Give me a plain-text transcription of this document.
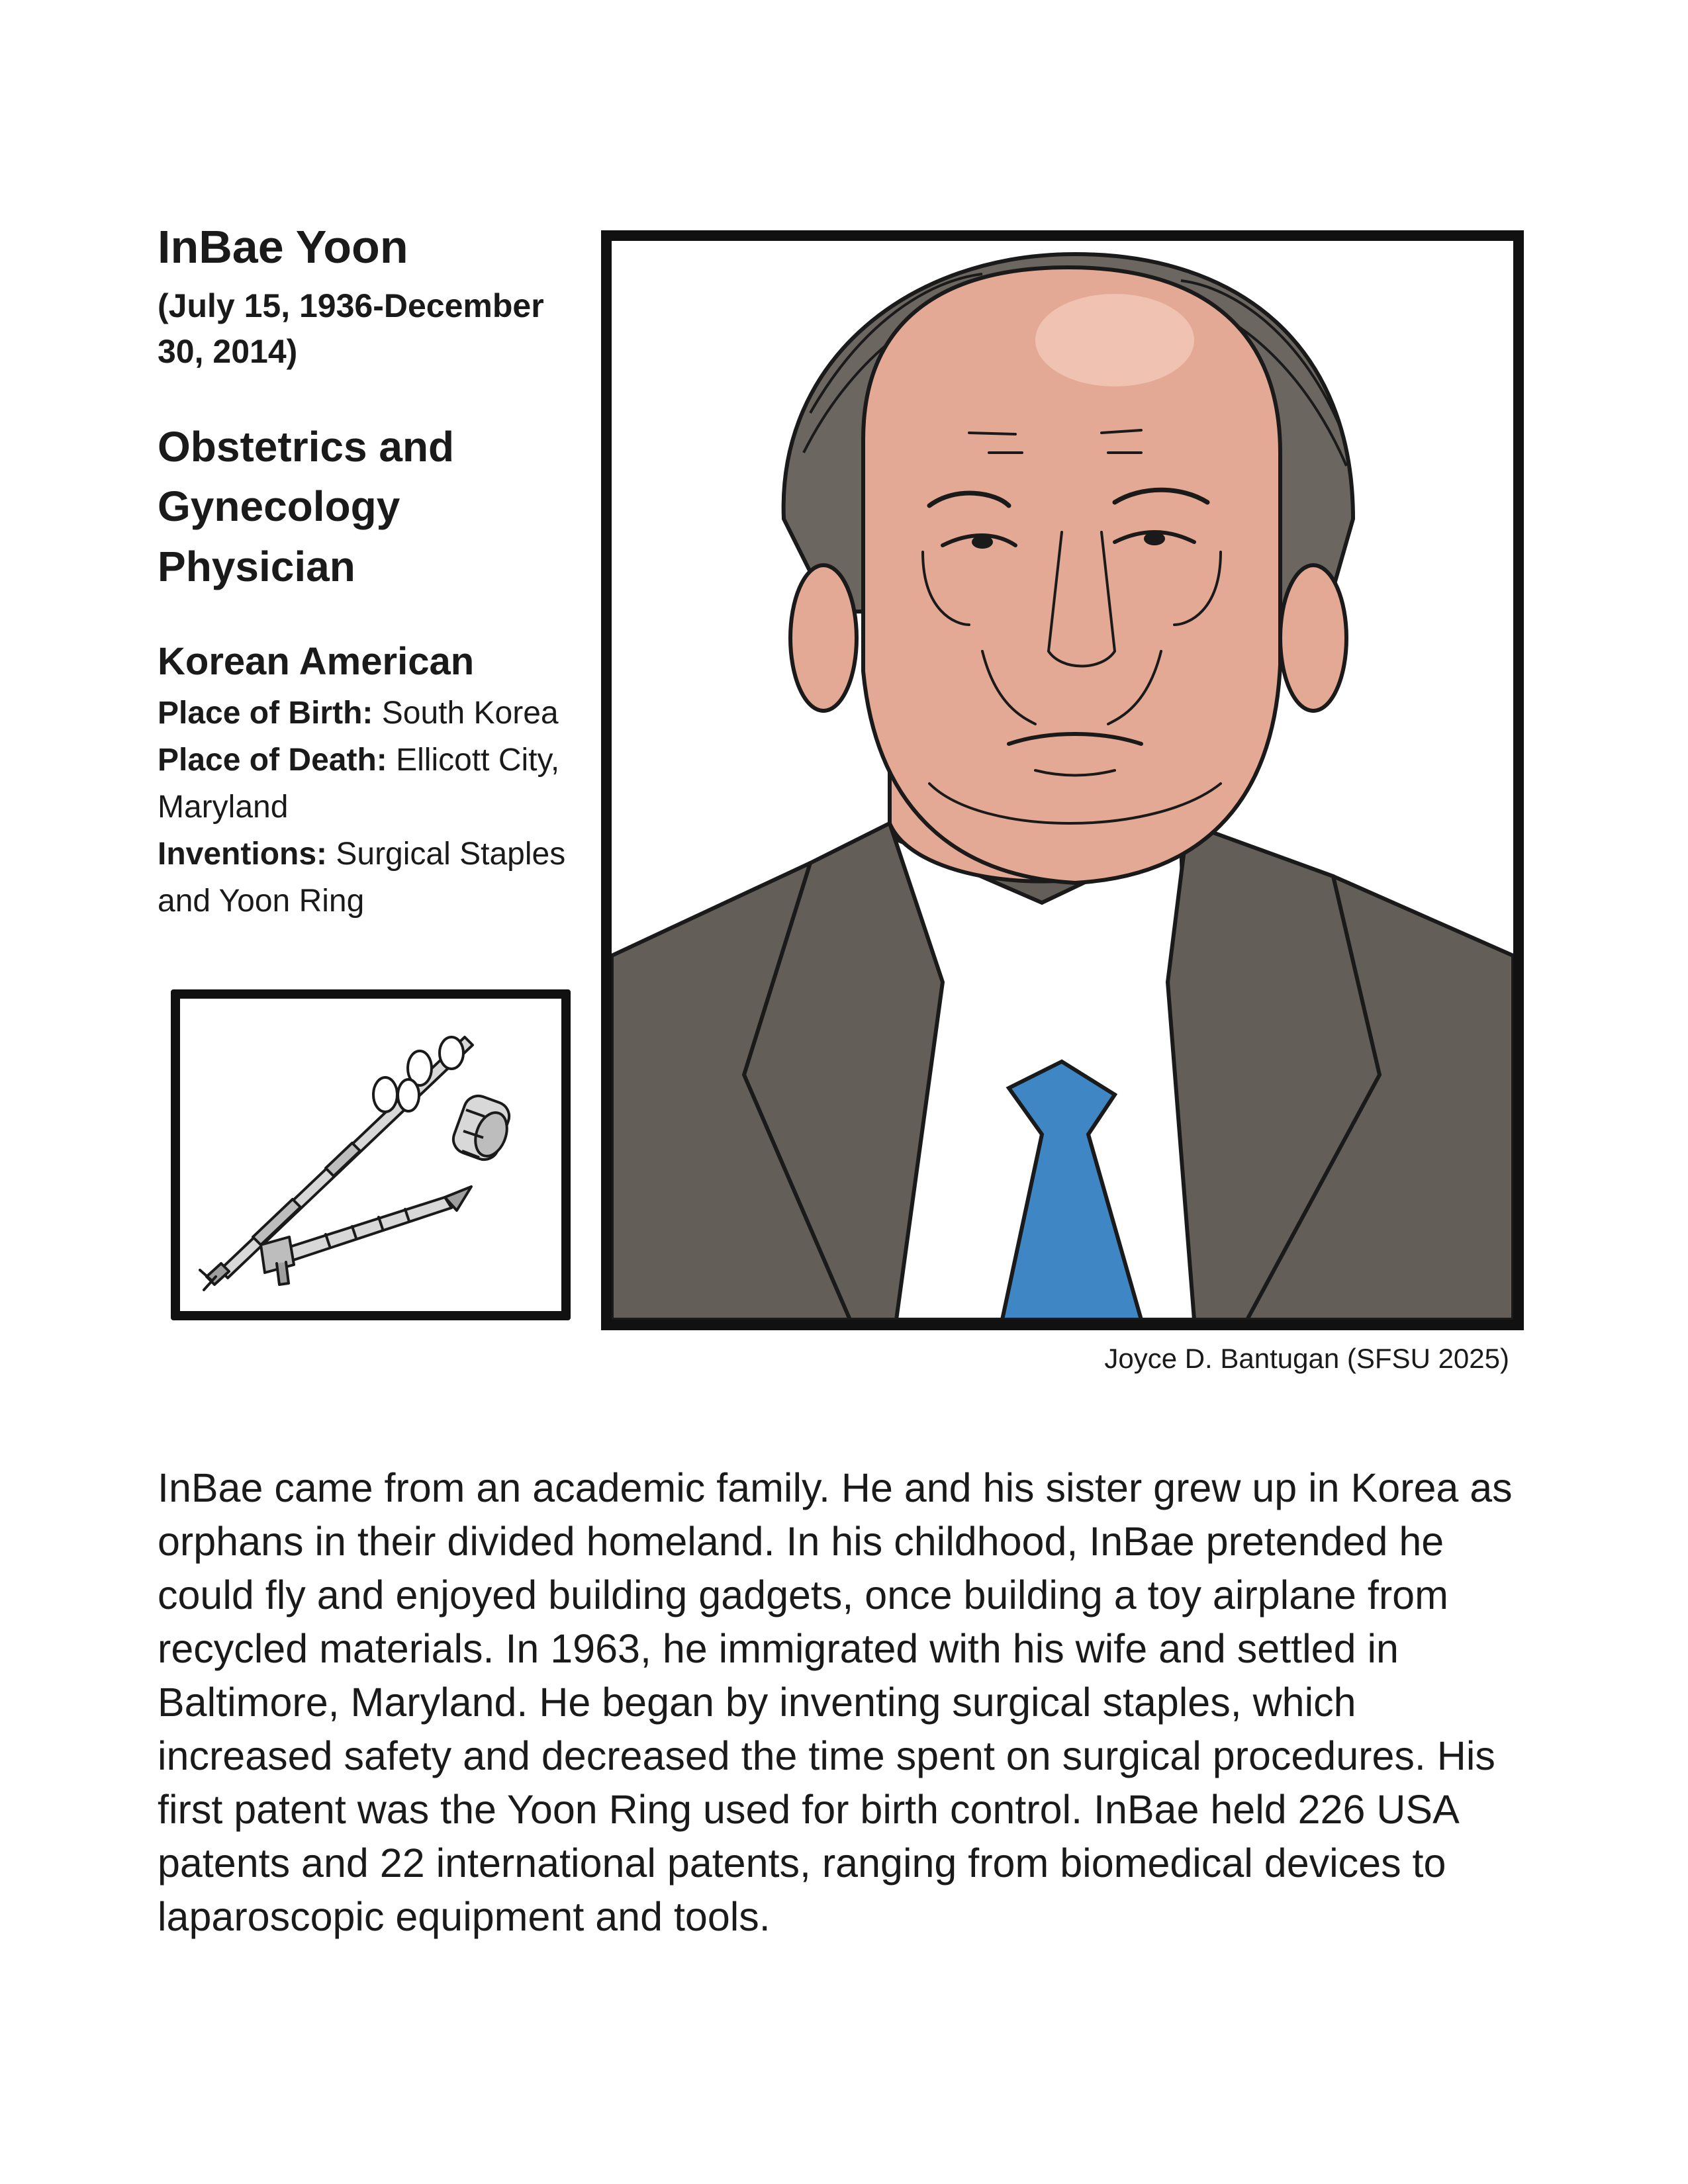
InBae Yoon

(July 15, 1936-December 30, 2014)

Obstetrics and Gynecology Physician

Korean American

Place of Birth: South Korea
Place of Death: Ellicott City, Maryland
Inventions: Surgical Staples and Yoon Ring
Joyce D. Bantugan (SFSU 2025)

InBae came from an academic family. He and his sister grew up in Korea as orphans in their divided homeland. In his childhood, InBae pretended he could fly and enjoyed building gadgets, once building a toy airplane from recycled materials. In 1963, he immigrated with his wife and settled in Baltimore, Maryland. He began by inventing surgical staples, which increased safety and decreased the time spent on surgical procedures. His first patent was the Yoon Ring used for birth control. InBae held 226 USA patents and 22 international patents, ranging from biomedical devices to laparoscopic equipment and tools.
